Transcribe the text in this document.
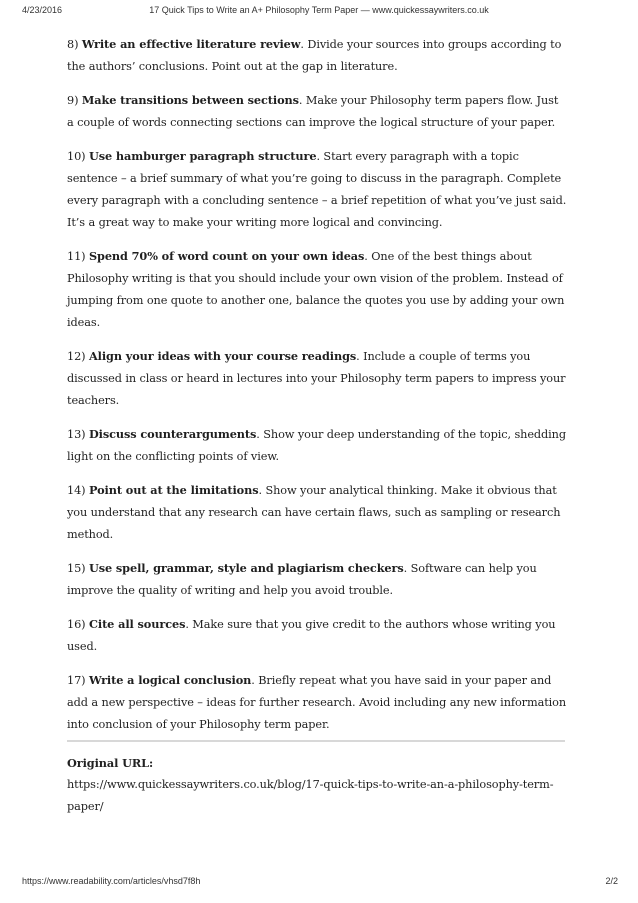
4/23/2016	17 Quick Tips to Write an A+ Philosophy Term Paper — www.quickessaywriters.co.uk

8) Write an effective literature review. Divide your sources into groups according to the authors’ conclusions. Point out at the gap in literature.

9) Make transitions between sections. Make your Philosophy term papers flow. Just a couple of words connecting sections can improve the logical structure of your paper.

10) Use hamburger paragraph structure. Start every paragraph with a topic sentence – a brief summary of what you’re going to discuss in the paragraph. Complete every paragraph with a concluding sentence – a brief repetition of what you’ve just said. It’s a great way to make your writing more logical and convincing.

11) Spend 70% of word count on your own ideas. One of the best things about Philosophy writing is that you should include your own vision of the problem. Instead of jumping from one quote to another one, balance the quotes you use by adding your own ideas.

12) Align your ideas with your course readings. Include a couple of terms you discussed in class or heard in lectures into your Philosophy term papers to impress your teachers.

13) Discuss counterarguments. Show your deep understanding of the topic, shedding light on the conflicting points of view.

14) Point out at the limitations. Show your analytical thinking. Make it obvious that you understand that any research can have certain flaws, such as sampling or research method.

15) Use spell, grammar, style and plagiarism checkers. Software can help you improve the quality of writing and help you avoid trouble.

16) Cite all sources. Make sure that you give credit to the authors whose writing you used.

17) Write a logical conclusion. Briefly repeat what you have said in your paper and add a new perspective – ideas for further research. Avoid including any new information into conclusion of your Philosophy term paper.

Original URL:
https://www.quickessaywriters.co.uk/blog/17-quick-tips-to-write-an-a-philosophy-term-paper/
https://www.readability.com/articles/vhsd7f8h	2/2
